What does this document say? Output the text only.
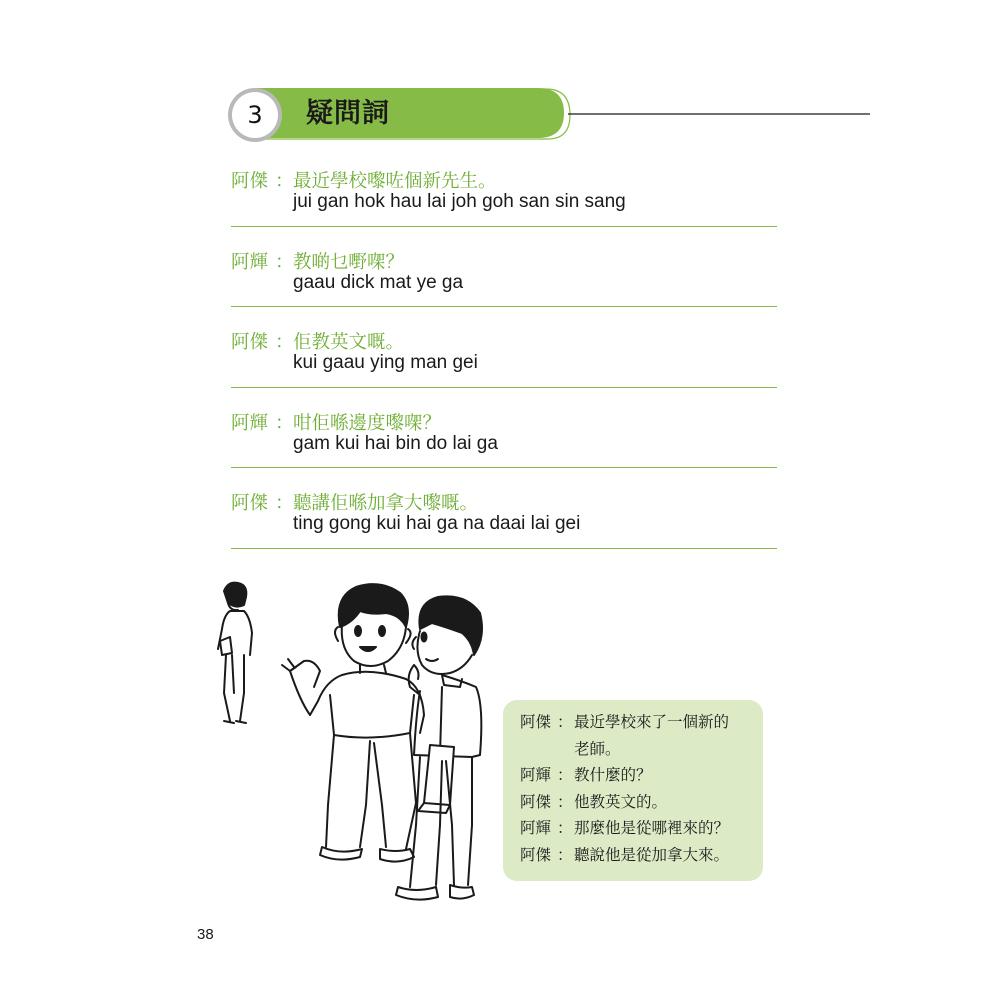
3	疑問詞
阿傑 ： 最近學校嚟咗個新先生。
jui gan hok hau lai joh goh san sin sang
阿輝 ： 教啲乜嘢㗎？
gaau dick mat ye ga
阿傑 ： 佢教英文嘅。
kui gaau ying man gei
阿輝 ： 咁佢喺邊度嚟㗎？
gam kui hai bin do lai ga
阿傑 ： 聽講佢喺加拿大嚟嘅。
ting gong kui hai ga na daai lai gei
阿傑 ： 最近學校來了一個新的
老師。
阿輝 ： 教什麼的？
阿傑 ： 他教英文的。
阿輝 ： 那麼他是從哪裡來的？
阿傑 ： 聽說他是從加拿大來。
38
